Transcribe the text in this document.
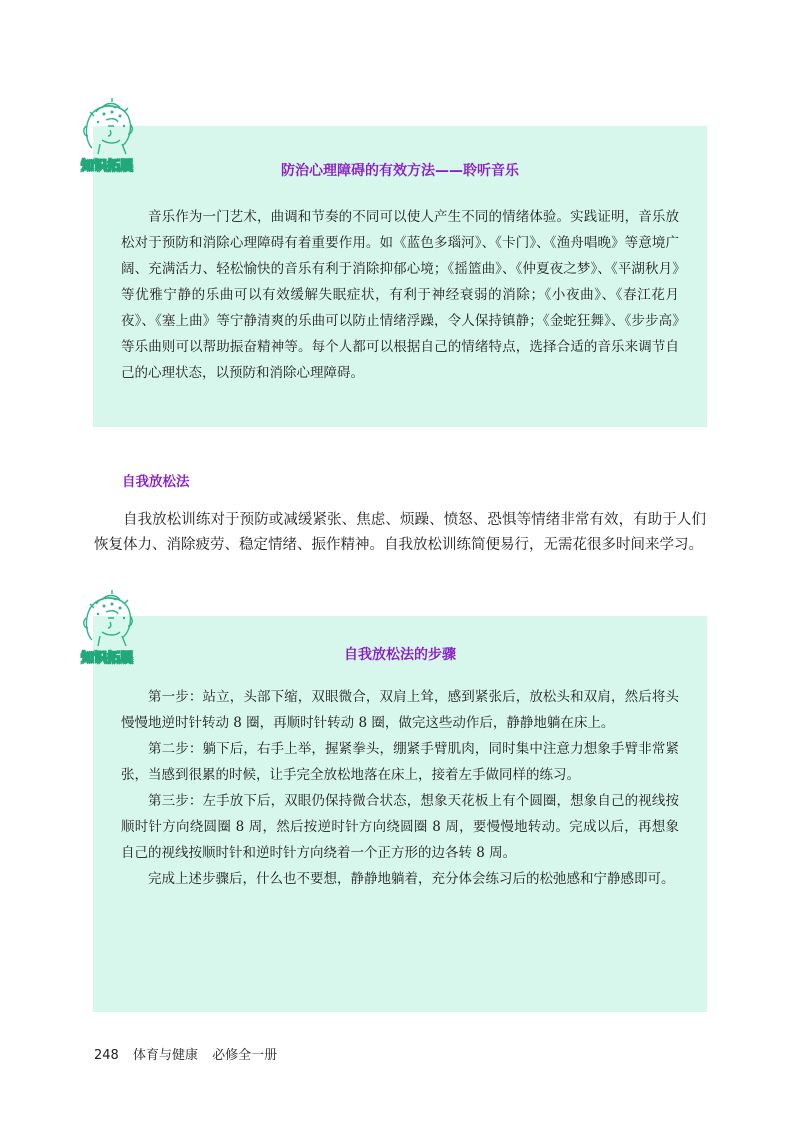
防治心理障碍的有效方法——聆听音乐

音乐作为一门艺术，曲调和节奏的不同可以使人产生不同的情绪体验。实践证明，音乐放松对于预防和消除心理障碍有着重要作用。如《蓝色多瑙河》、《卡门》、《渔舟唱晚》等意境广阔、充满活力、轻松愉快的音乐有利于消除抑郁心境；《摇篮曲》、《仲夏夜之梦》、《平湖秋月》等优雅宁静的乐曲可以有效缓解失眠症状，有利于神经衰弱的消除；《小夜曲》、《春江花月夜》、《塞上曲》等宁静清爽的乐曲可以防止情绪浮躁，令人保持镇静；《金蛇狂舞》、《步步高》等乐曲则可以帮助振奋精神等。每个人都可以根据自己的情绪特点，选择合适的音乐来调节自己的心理状态，以预防和消除心理障碍。

知识拓展
自我放松法

自我放松训练对于预防或减缓紧张、焦虑、烦躁、愤怒、恐惧等情绪非常有效，有助于人们恢复体力、消除疲劳、稳定情绪、振作精神。自我放松训练简便易行，无需花很多时间来学习。

自我放松法的步骤

第一步：站立，头部下缩，双眼微合，双肩上耸，感到紧张后，放松头和双肩，然后将头慢慢地逆时针转动 8 圈，再顺时针转动 8 圈，做完这些动作后，静静地躺在床上。

第二步：躺下后，右手上举，握紧拳头，绷紧手臂肌肉，同时集中注意力想象手臂非常紧张，当感到很累的时候，让手完全放松地落在床上，接着左手做同样的练习。

第三步：左手放下后，双眼仍保持微合状态，想象天花板上有个圆圈，想象自己的视线按顺时针方向绕圆圈 8 周，然后按逆时针方向绕圆圈 8 周，要慢慢地转动。完成以后，再想象自己的视线按顺时针和逆时针方向绕着一个正方形的边各转 8 周。

完成上述步骤后，什么也不要想，静静地躺着，充分体会练习后的松弛感和宁静感即可。

知识拓展
248 体育与健康 必修全一册
